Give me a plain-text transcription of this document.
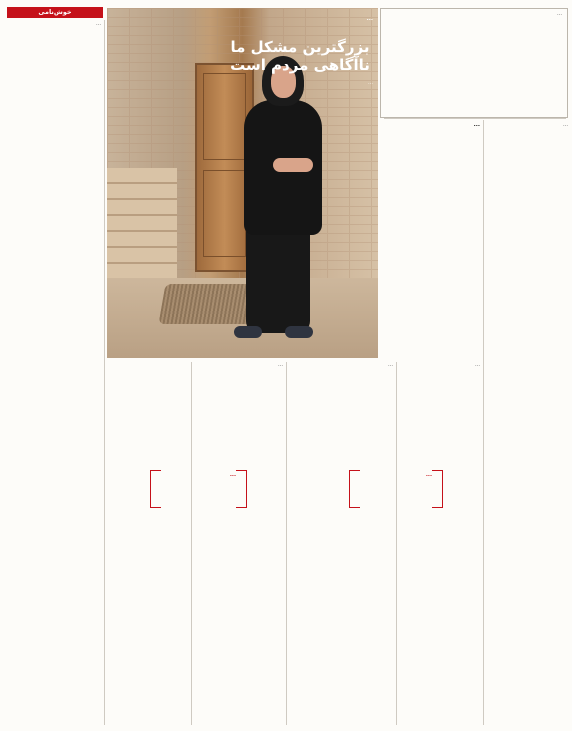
خوش‌نامی	...
...
بزرگترین مشکل ما ناآگاهی مردم است
...

...

...

...

...

...

...

...	...
